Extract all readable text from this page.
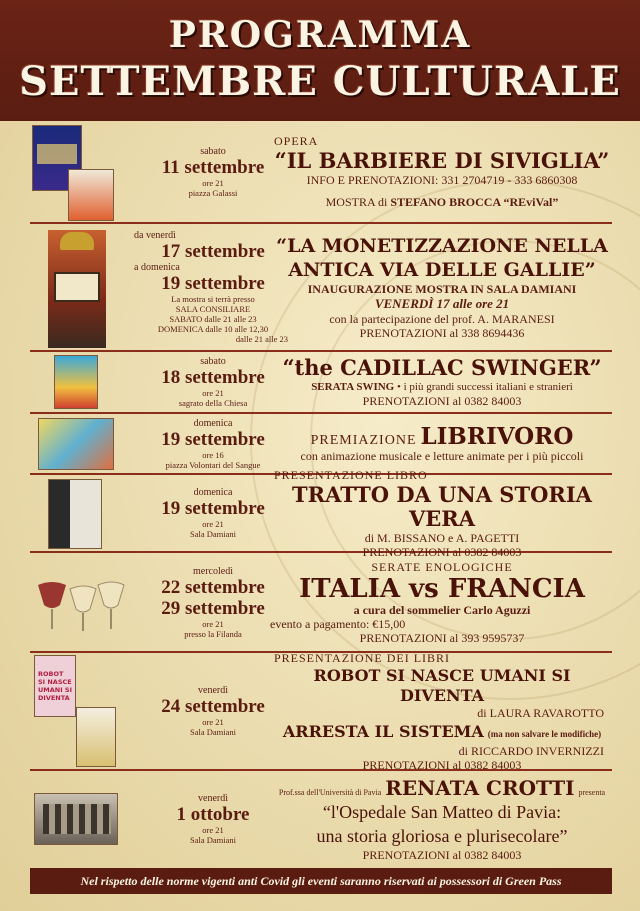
PROGRAMMA
SETTEMBRE CULTURALE
sabato
11 settembre
ore 21
piazza Galassi
OPERA
“IL BARBIERE DI SIVIGLIA”
INFO E PRENOTAZIONI: 331 2704719 - 333 6860308
MOSTRA di STEFANO BROCCA “REviVal”
da venerdì
17 settembre
a domenica
19 settembre
La mostra si terrà presso
SALA CONSILIARE
SABATO dalle 21 alle 23
DOMENICA dalle 10 alle 12,30
dalle 21 alle 23
“LA MONETIZZAZIONE NELLA
ANTICA VIA DELLE GALLIE”
INAUGURAZIONE MOSTRA IN SALA DAMIANI
VENERDÌ 17 alle ore 21
con la partecipazione del prof. A. MARANESI
PRENOTAZIONI al 338 8694436
sabato
18 settembre
ore 21
sagrato della Chiesa
“the CADILLAC SWINGER”
SERATA SWING • i più grandi successi italiani e stranieri
PRENOTAZIONI al 0382 84003
domenica
19 settembre
ore 16
piazza Volontari del Sangue
PREMIAZIONE LIBRIVORO
con animazione musicale e letture animate per i più piccoli
domenica
19 settembre
ore 21
Sala Damiani
PRESENTAZIONE LIBRO
TRATTO DA UNA STORIA VERA
di M. BISSANO e A. PAGETTI
PRENOTAZIONI al 0382 84003
mercoledì
22 settembre
29 settembre
ore 21
presso la Filanda
SERATE ENOLOGICHE
ITALIA vs FRANCIA
a cura del sommelier Carlo Aguzzi
evento a pagamento: €15,00
PRENOTAZIONI al 393 9595737
ROBOT SI NASCE UMANI SI DIVENTA
venerdì
24 settembre
ore 21
Sala Damiani
PRESENTAZIONE DEI LIBRI
ROBOT SI NASCE UMANI SI DIVENTA
di LAURA RAVAROTTO
ARRESTA IL SISTEMA (ma non salvare le modifiche)
di RICCARDO INVERNIZZI
PRENOTAZIONI al 0382 84003
venerdì
1 ottobre
ore 21
Sala Damiani
Prof.ssa dell'Università di Pavia RENATA CROTTI presenta
“l'Ospedale San Matteo di Pavia:
una storia gloriosa e plurisecolare”
PRENOTAZIONI al 0382 84003
Nel rispetto delle norme vigenti anti Covid gli eventi saranno riservati ai possessori di Green Pass
